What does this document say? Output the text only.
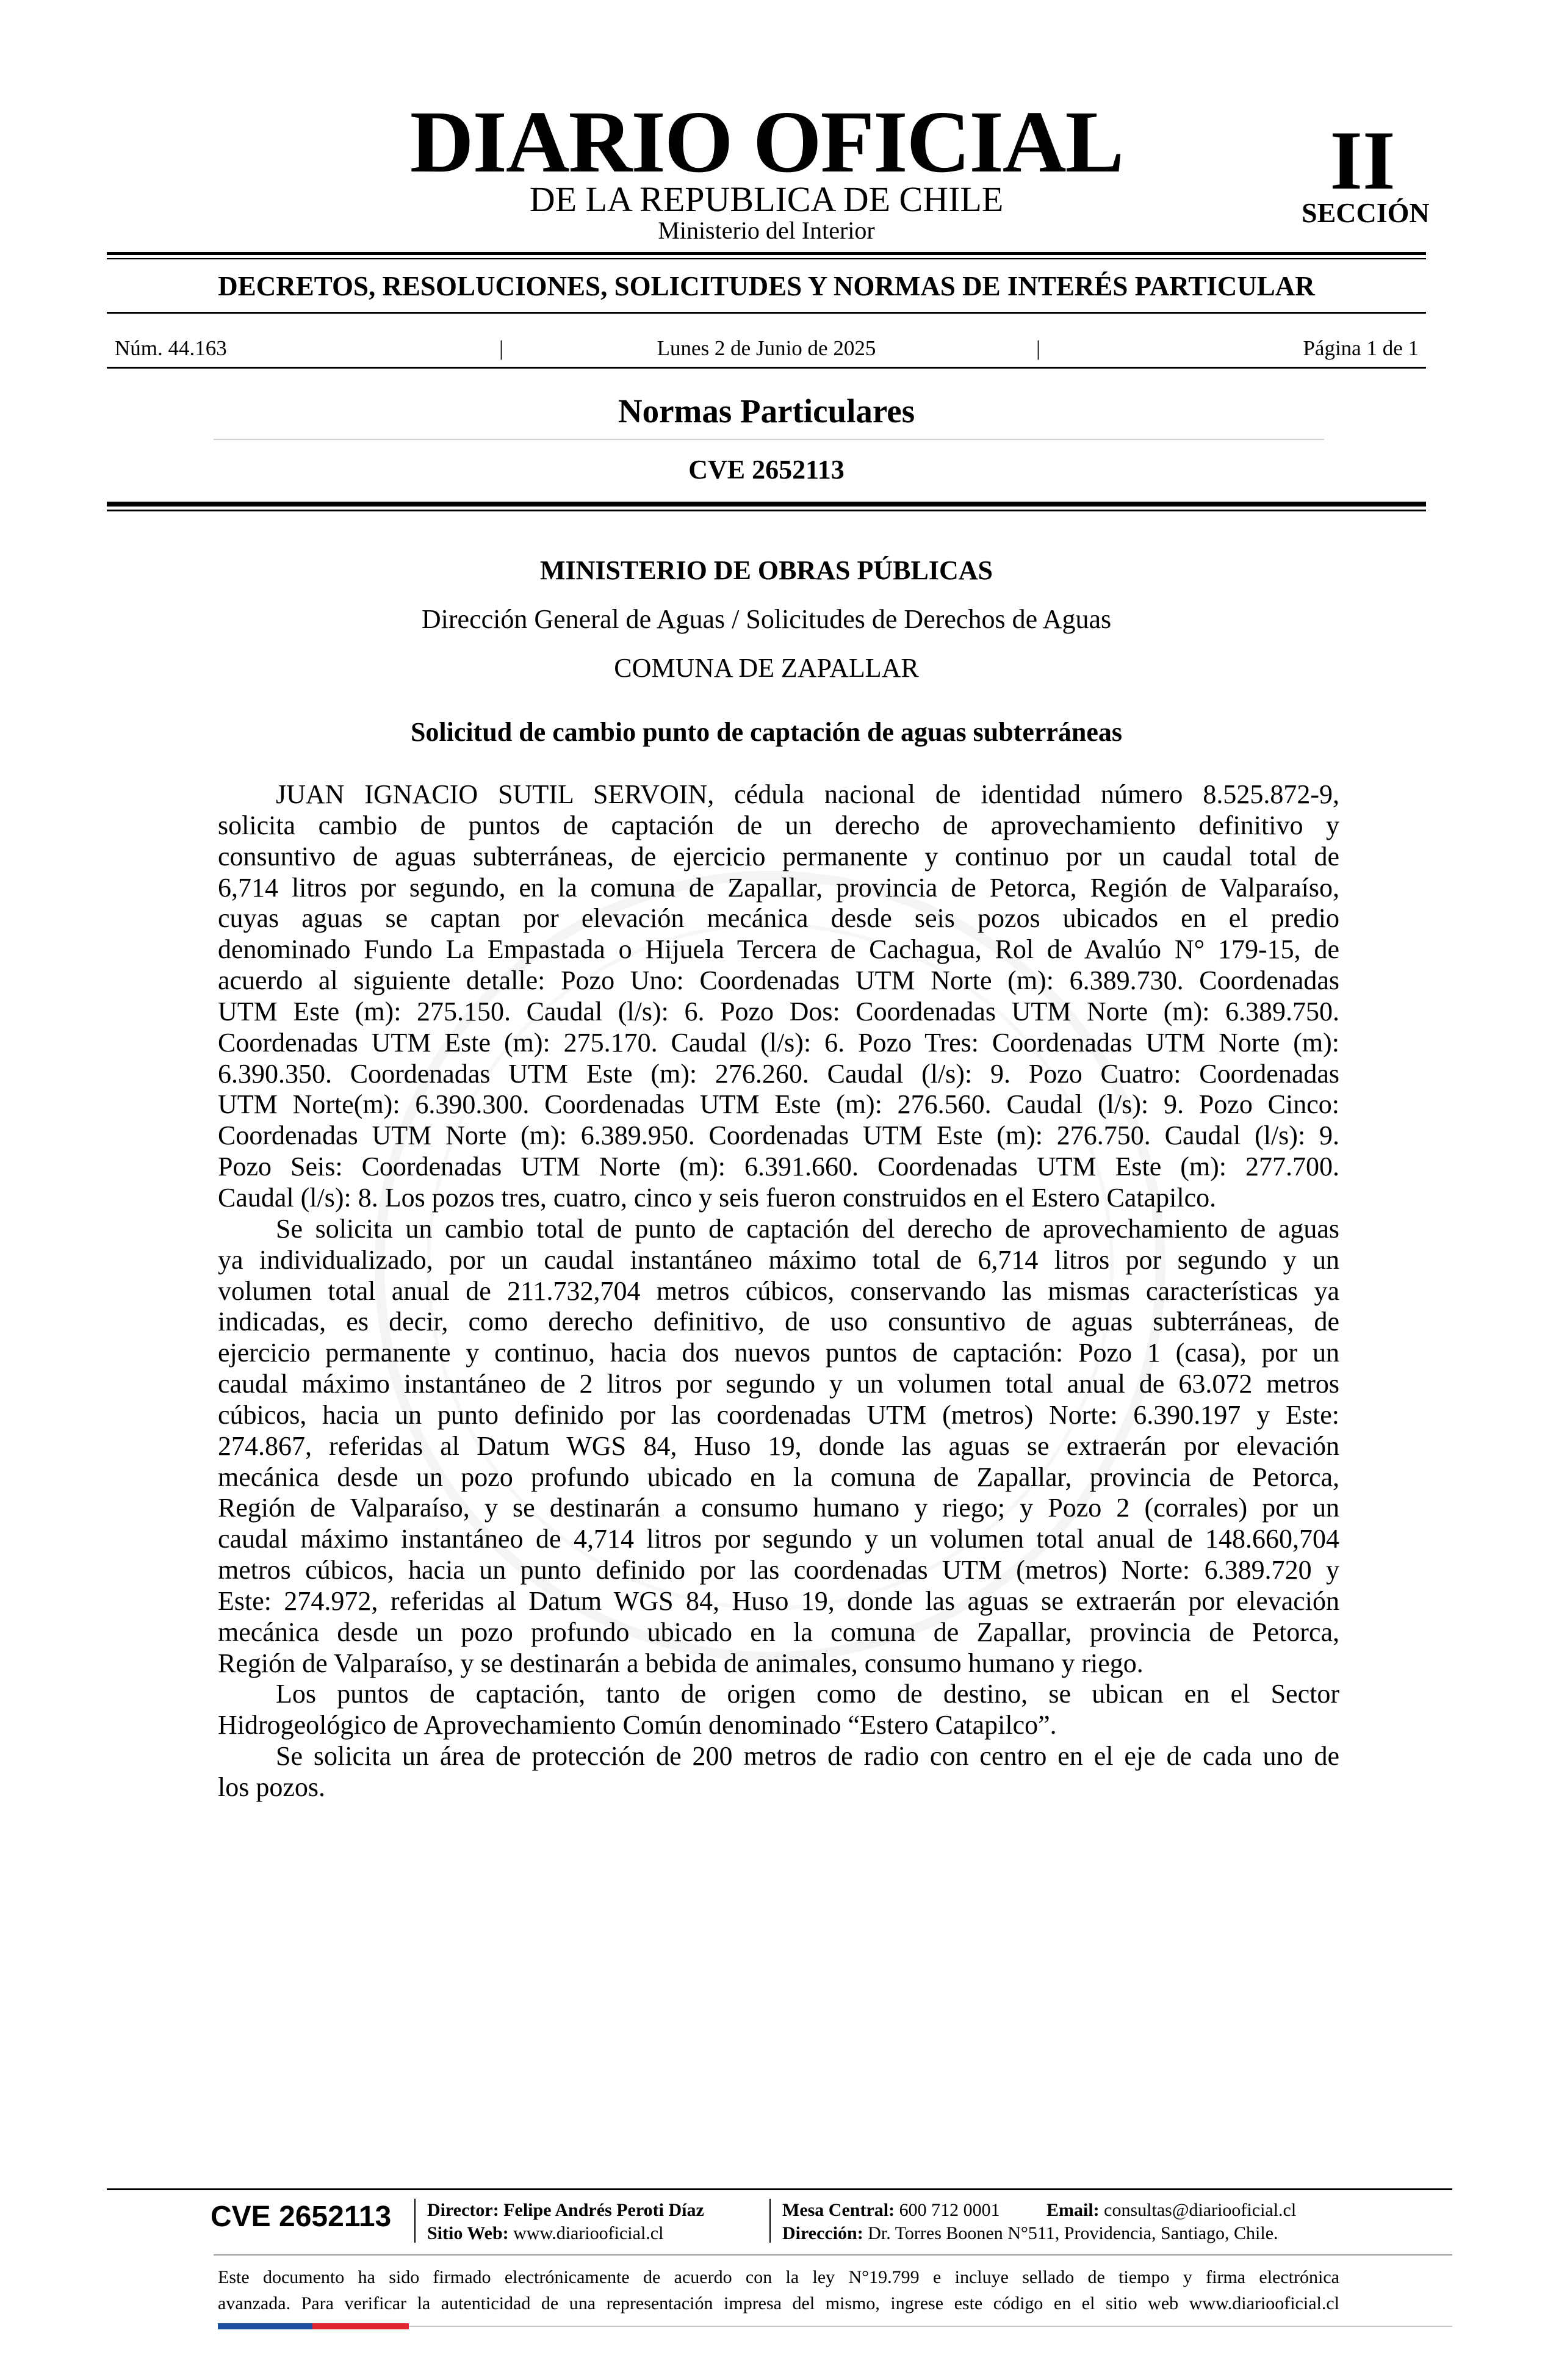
DIARIO OFICIAL
DE LA REPUBLICA DE CHILE
Ministerio del Interior
II
SECCIÓN
DECRETOS, RESOLUCIONES, SOLICITUDES Y NORMAS DE INTERÉS PARTICULAR
Núm. 44.163	|	Lunes 2 de Junio de 2025	|	Página 1 de 1
Normas Particulares
CVE 2652113
MINISTERIO DE OBRAS PÚBLICAS
Dirección General de Aguas / Solicitudes de Derechos de Aguas
COMUNA DE ZAPALLAR
Solicitud de cambio punto de captación de aguas subterráneas
JUAN IGNACIO SUTIL SERVOIN, cédula nacional de identidad número 8.525.872-9,
solicita cambio de puntos de captación de un derecho de aprovechamiento definitivo y
consuntivo de aguas subterráneas, de ejercicio permanente y continuo por un caudal total de
6,714 litros por segundo, en la comuna de Zapallar, provincia de Petorca, Región de Valparaíso,
cuyas aguas se captan por elevación mecánica desde seis pozos ubicados en el predio
denominado Fundo La Empastada o Hijuela Tercera de Cachagua, Rol de Avalúo N° 179-15, de
acuerdo al siguiente detalle: Pozo Uno: Coordenadas UTM Norte (m): 6.389.730. Coordenadas
UTM Este (m): 275.150. Caudal (l/s): 6. Pozo Dos: Coordenadas UTM Norte (m): 6.389.750.
Coordenadas UTM Este (m): 275.170. Caudal (l/s): 6. Pozo Tres: Coordenadas UTM Norte (m):
6.390.350. Coordenadas UTM Este (m): 276.260. Caudal (l/s): 9. Pozo Cuatro: Coordenadas
UTM Norte(m): 6.390.300. Coordenadas UTM Este (m): 276.560. Caudal (l/s): 9. Pozo Cinco:
Coordenadas UTM Norte (m): 6.389.950. Coordenadas UTM Este (m): 276.750. Caudal (l/s): 9.
Pozo Seis: Coordenadas UTM Norte (m): 6.391.660. Coordenadas UTM Este (m): 277.700.
Caudal (l/s): 8. Los pozos tres, cuatro, cinco y seis fueron construidos en el Estero Catapilco.
Se solicita un cambio total de punto de captación del derecho de aprovechamiento de aguas
ya individualizado, por un caudal instantáneo máximo total de 6,714 litros por segundo y un
volumen total anual de 211.732,704 metros cúbicos, conservando las mismas características ya
indicadas, es decir, como derecho definitivo, de uso consuntivo de aguas subterráneas, de
ejercicio permanente y continuo, hacia dos nuevos puntos de captación: Pozo 1 (casa), por un
caudal máximo instantáneo de 2 litros por segundo y un volumen total anual de 63.072 metros
cúbicos, hacia un punto definido por las coordenadas UTM (metros) Norte: 6.390.197 y Este:
274.867, referidas al Datum WGS 84, Huso 19, donde las aguas se extraerán por elevación
mecánica desde un pozo profundo ubicado en la comuna de Zapallar, provincia de Petorca,
Región de Valparaíso, y se destinarán a consumo humano y riego; y Pozo 2 (corrales) por un
caudal máximo instantáneo de 4,714 litros por segundo y un volumen total anual de 148.660,704
metros cúbicos, hacia un punto definido por las coordenadas UTM (metros) Norte: 6.389.720 y
Este: 274.972, referidas al Datum WGS 84, Huso 19, donde las aguas se extraerán por elevación
mecánica desde un pozo profundo ubicado en la comuna de Zapallar, provincia de Petorca,
Región de Valparaíso, y se destinarán a bebida de animales, consumo humano y riego.
Los puntos de captación, tanto de origen como de destino, se ubican en el Sector
Hidrogeológico de Aprovechamiento Común denominado “Estero Catapilco”.
Se solicita un área de protección de 200 metros de radio con centro en el eje de cada uno de
los pozos.
CVE 2652113 Director: Felipe Andrés Peroti Díaz
Sitio Web: www.diariooficial.cl
Mesa Central: 600 712 0001	Email: consultas@diariooficial.cl
Dirección: Dr. Torres Boonen N°511, Providencia, Santiago, Chile.
Este documento ha sido firmado electrónicamente de acuerdo con la ley N°19.799 e incluye sellado de tiempo y firma electrónica
avanzada. Para verificar la autenticidad de una representación impresa del mismo, ingrese este código en el sitio web www.diariooficial.cl
